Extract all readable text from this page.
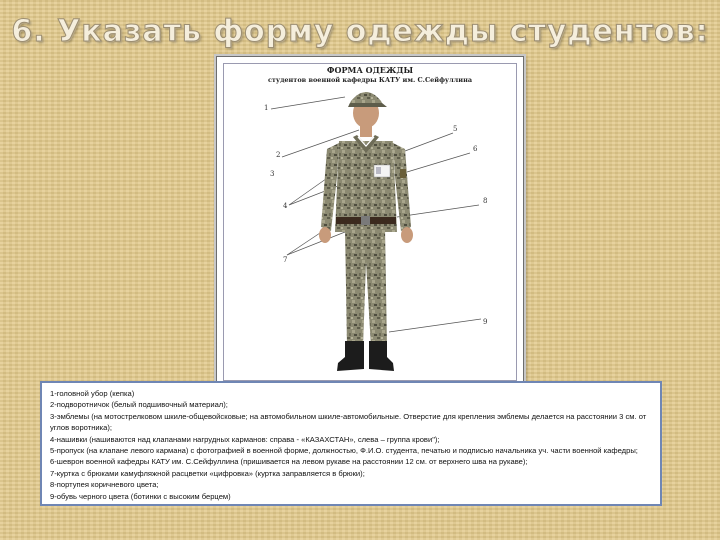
6. Указать форму одежды студентов:
ФОРМА ОДЕЖДЫ
студентов военной кафедры КАТУ им. С.Сейфуллина
1
2
3
4
5
6
7
8
9
1-головной убор (кепка)
2-подворотничок (белый подшивочный материал);
3-эмблемы (на мотострелковом шкиле-общевойсковые; на автомобильном шкиле-автомобильные. Отверстие для крепления эмблемы делается на расстоянии 3 см. от углов воротника);
4-нашивки (нашиваются над клапанами нагрудных карманов: справа - «КАЗАХСТАН», слева – группа крови");
5-пропуск (на клапане левого кармана) с фотографией в военной форме, должностью, Ф.И.О. студента, печатью и подписью начальника уч. части военной кафедры;
6-шеврон военной кафедры КАТУ им. С.Сейфуллина (пришивается на левом рукаве на расстоянии 12 см. от верхнего шва на рукаве);
7-куртка с брюками камуфляжной расцветки «цифровка» (куртка заправляется в брюки);
8-портупея коричневого цвета;
9-обувь черного цвета (ботинки с высоким берцем)
